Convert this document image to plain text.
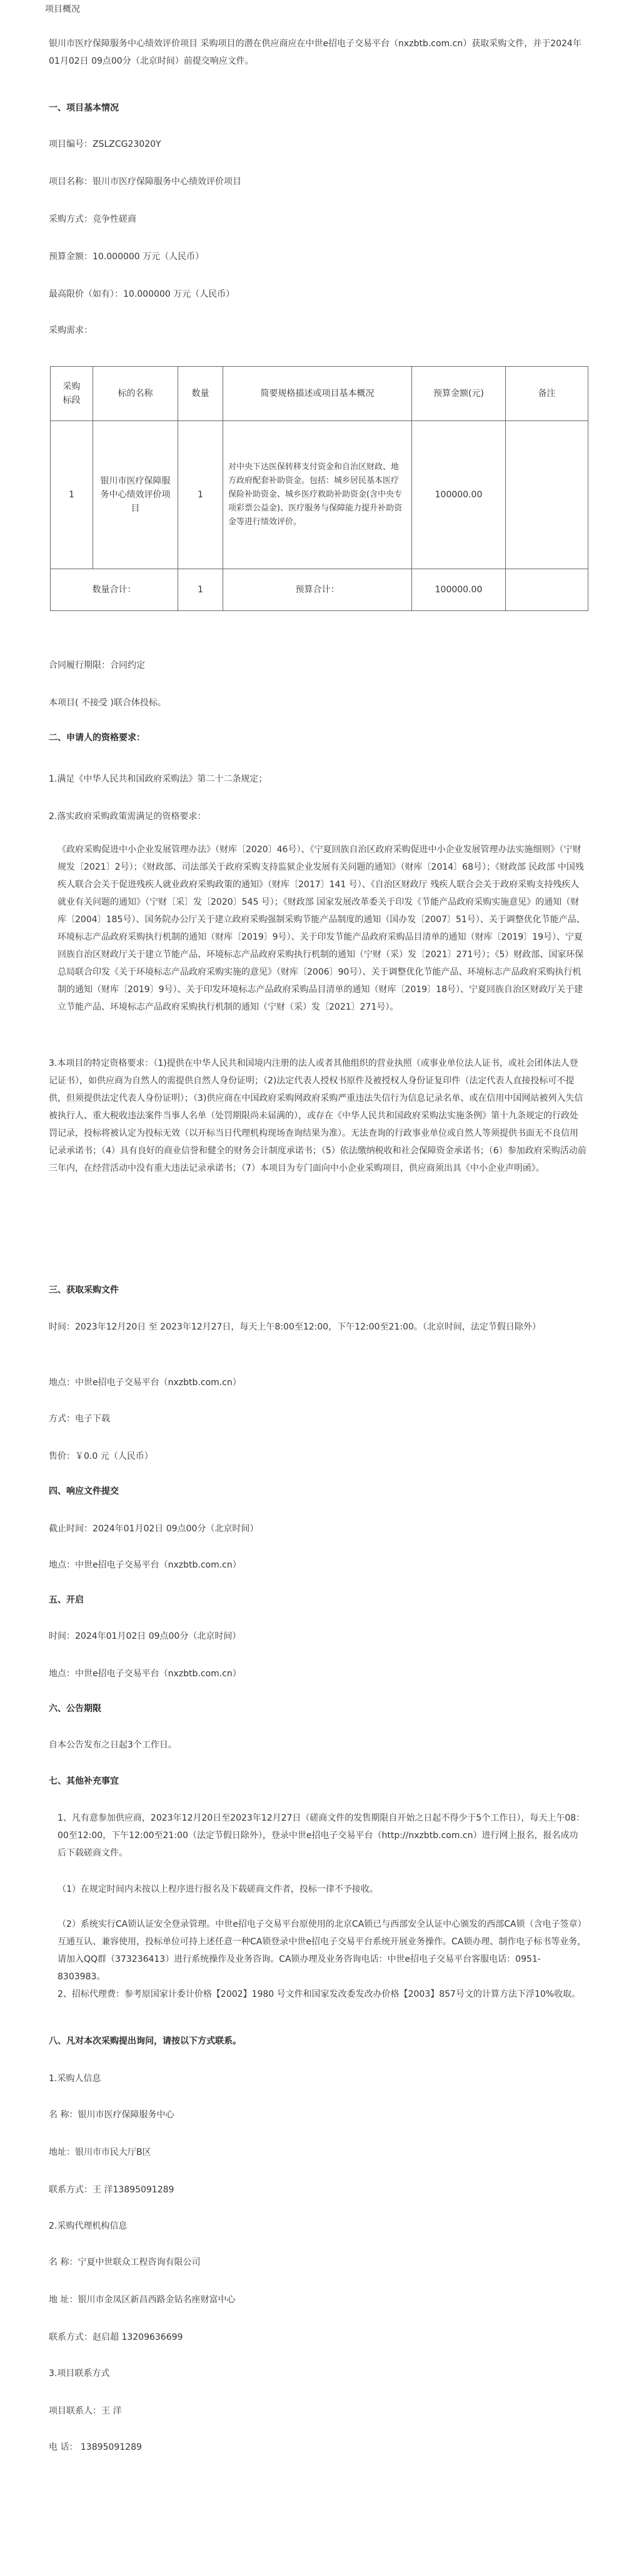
项目概况
银川市医疗保障服务中心绩效评价项目 采购项目的潜在供应商应在中世e招电子交易平台（nxzbtb.com.cn）获取采购文件，并于2024年01月02日 09点00分（北京时间）前提交响应文件。
一、项目基本情况
项目编号：ZSLZCG23020Y
项目名称：银川市医疗保障服务中心绩效评价项目
采购方式：竞争性磋商
预算金额：10.000000 万元（人民币）
最高限价（如有）：10.000000 万元（人民币）
采购需求：
采购
标段	标的名称	数量	简要规格描述或项目基本概况	预算金额(元)	备注
1	银川市医疗保障服务中心绩效评价项目	1	对中央下达医保转移支付资金和自治区财政、地方政府配套补助资金。包括：城乡居民基本医疗保险补助资金、城乡医疗救助补助资金(含中央专项彩票公益金)、医疗服务与保障能力提升补助资金等进行绩效评价。	100000.00	
数量合计：		1	预算合计：	100000.00	
合同履行期限：合同约定
本项目( 不接受 )联合体投标。
二、申请人的资格要求：
1.满足《中华人民共和国政府采购法》第二十二条规定；
2.落实政府采购政策需满足的资格要求：
《政府采购促进中小企业发展管理办法》（财库〔2020〕46号）、《宁夏回族自治区政府采购促进中小企业发展管理办法实施细则》（宁财规发〔2021〕2号）；《财政部、司法部关于政府采购支持监狱企业发展有关问题的通知》（财库〔2014〕68号）；《财政部 民政部 中国残疾人联合会关于促进残疾人就业政府采购政策的通知》（财库〔2017〕141 号）、《自治区财政厅 残疾人联合会关于政府采购支持残疾人就业有关问题的通知》（宁财〔采〕发〔2020〕545 号）；《财政部 国家发展改革委关于印发《节能产品政府采购实施意见》的通知（财库〔2004〕185号）、国务院办公厅关于建立政府采购强制采购节能产品制度的通知（国办发〔2007〕51号）、关于调整优化节能产品、环境标志产品政府采购执行机制的通知（财库〔2019〕9号）、关于印发节能产品政府采购品目清单的通知（财库〔2019〕19号）、宁夏回族自治区财政厅关于建立节能产品、环境标志产品政府采购执行机制的通知（宁财（采）发〔2021〕271号）；《5）财政部、国家环保总局联合印发《关于环境标志产品政府采购实施的意见》（财库〔2006〕90号）、关于调整优化节能产品、环境标志产品政府采购执行机制的通知（财库〔2019〕9号）、关于印发环境标志产品政府采购品目清单的通知（财库〔2019〕18号）、宁夏回族自治区财政厅关于建立节能产品、环境标志产品政府采购执行机制的通知（宁财（采）发〔2021〕271号）。
3.本项目的特定资格要求：（1)提供在中华人民共和国境内注册的法人或者其他组织的营业执照（或事业单位法人证书，或社会团体法人登记证书），如供应商为自然人的需提供自然人身份证明；（2)法定代表人授权书原件及被授权人身份证复印件（法定代表人直接投标可不提供，但须提供法定代表人身份证明）；（3)供应商在中国政府采购网政府采购严重违法失信行为信息记录名单、或在信用中国网站被列入失信被执行人、重大税收违法案件当事人名单（处罚期限尚未届满的），或存在《中华人民共和国政府采购法实施条例》第十九条规定的行政处罚记录，投标将被认定为投标无效（以开标当日代理机构现场查询结果为准）。无法查询的行政事业单位或自然人等须提供书面无不良信用记录承诺书；（4）具有良好的商业信誉和健全的财务会计制度承诺书；（5）依法缴纳税收和社会保障资金承诺书；（6）参加政府采购活动前三年内，在经营活动中没有重大违法记录承诺书；（7）本项目为专门面向中小企业采购项目，供应商须出具《中小企业声明函》。
三、获取采购文件
时间：2023年12月20日 至 2023年12月27日，每天上午8:00至12:00，下午12:00至21:00。（北京时间，法定节假日除外）
地点：中世e招电子交易平台（nxzbtb.com.cn）
方式：电子下载
售价：￥0.0 元（人民币）
四、响应文件提交
截止时间：2024年01月02日 09点00分（北京时间）
地点：中世e招电子交易平台（nxzbtb.com.cn）
五、开启
时间：2024年01月02日 09点00分（北京时间）
地点：中世e招电子交易平台（nxzbtb.com.cn）
六、公告期限
自本公告发布之日起3个工作日。
七、其他补充事宜
1、凡有意参加供应商，2023年12月20日至2023年12月27日（磋商文件的发售期限自开始之日起不得少于5个工作日），每天上午08：00至12:00，下午12:00至21:00（法定节假日除外），登录中世e招电子交易平台（http://nxzbtb.com.cn）进行网上报名，报名成功后下载磋商文件。
（1）在规定时间内未按以上程序进行报名及下载磋商文件者，投标一律不予接收。
（2）系统实行CA锁认证安全登录管理。中世e招电子交易平台原使用的北京CA锁已与西部安全认证中心颁发的西部CA锁（含电子签章）互通互认、兼容使用，投标单位可持上述任意一种CA锁登录中世e招电子交易平台系统开展业务操作。CA锁办理、制作电子标书等业务，请加入QQ群（373236413）进行系统操作及业务咨询。CA锁办理及业务咨询电话：中世e招电子交易平台客服电话：0951-8303983。
2、招标代理费：参考原国家计委计价格【2002】1980 号文件和国家发改委发改办价格【2003】857号文的计算方法下浮10%收取。
八、凡对本次采购提出询问，请按以下方式联系。
1.采购人信息
名 称：银川市医疗保障服务中心
地址：银川市市民大厅B区
联系方式：王 洋13895091289
2.采购代理机构信息
名 称：宁夏中世联众工程咨询有限公司
地 址：银川市金凤区新昌西路金钻名座财富中心
联系方式：赵启超 13209636699
3.项目联系方式
项目联系人：王 洋
电 话： 13895091289
